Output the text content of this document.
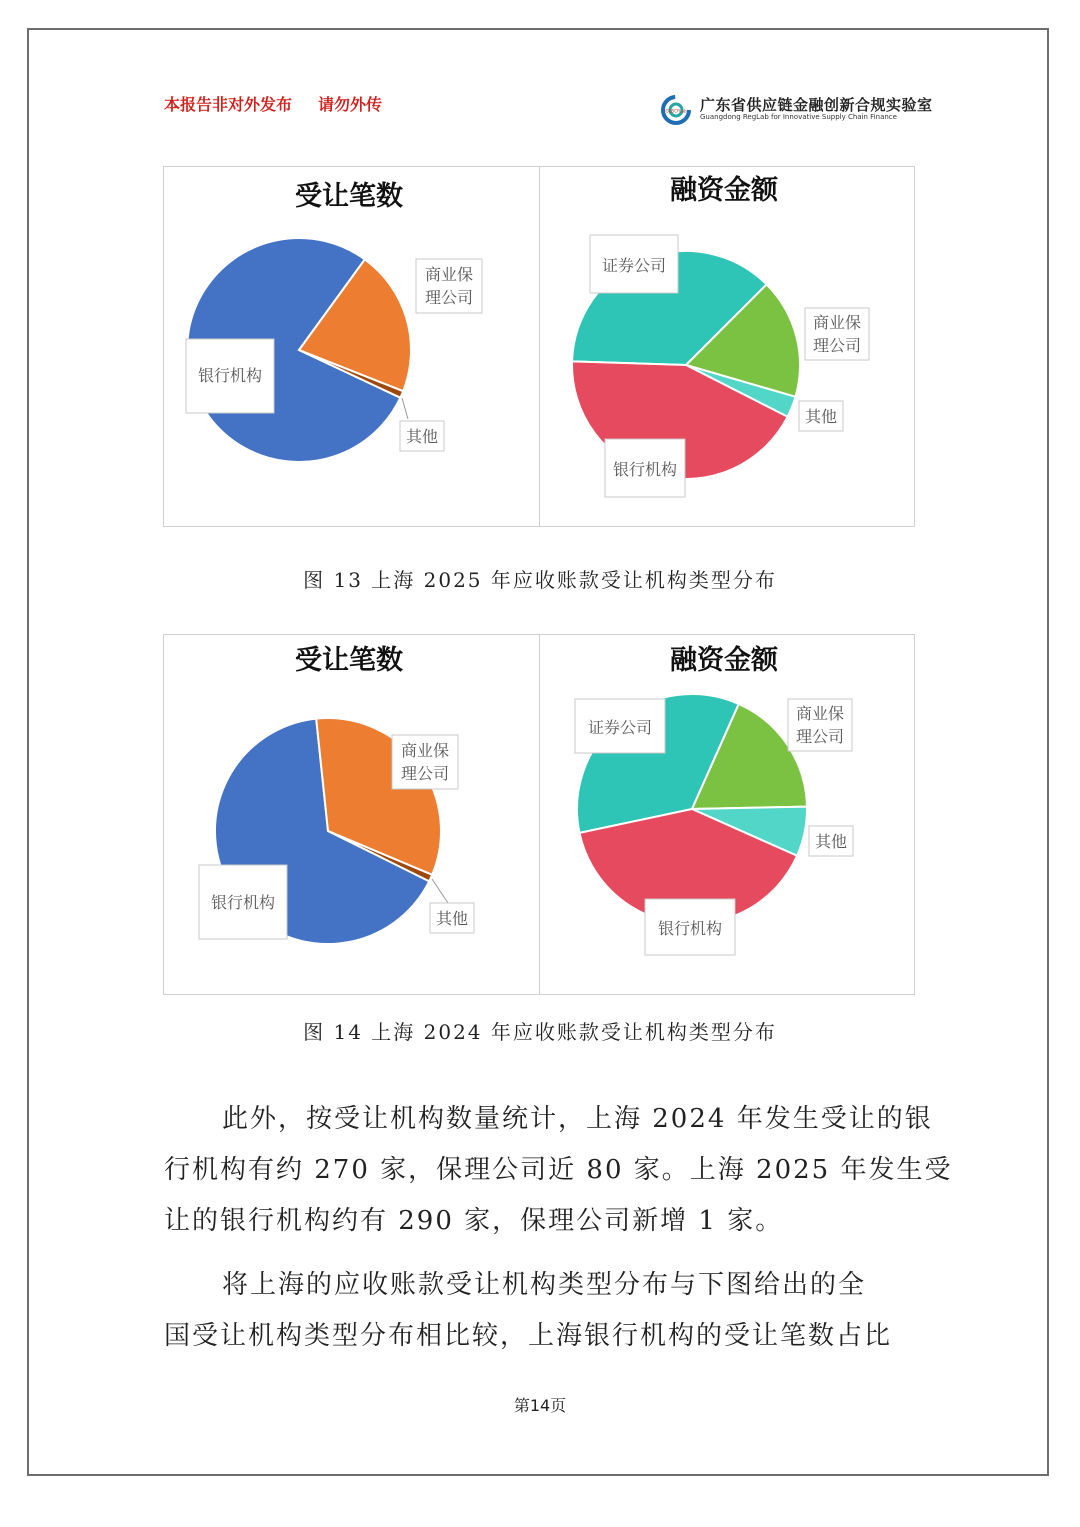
本报告非对外发布 请勿外传	GDSCFLab 广东省供应链金融创新合规实验室
Guangdong RegLab for Innovative Supply Chain Finance
受让笔数
银行机构
商业保理公司
其他
融资金额
证券公司
商业保理公司
其他
银行机构
图 13 上海 2025 年应收账款受让机构类型分布
受让笔数
银行机构
商业保理公司
其他
融资金额
证券公司
商业保理公司
其他
银行机构
图 14 上海 2024 年应收账款受让机构类型分布
此外，按受让机构数量统计，上海 2024 年发生受让的银
行机构有约 270 家，保理公司近 80 家。上海 2025 年发生受
让的银行机构约有 290 家，保理公司新增 1 家。
将上海的应收账款受让机构类型分布与下图给出的全
国受让机构类型分布相比较，上海银行机构的受让笔数占比
第14页
